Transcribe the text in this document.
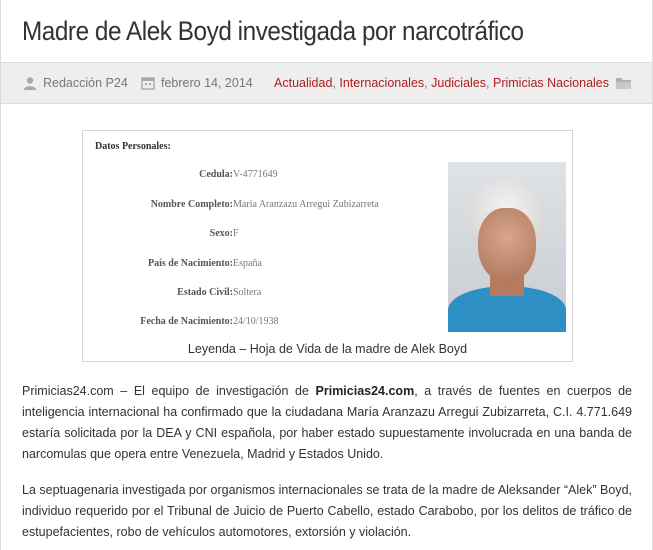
Madre de Alek Boyd investigada por narcotráfico
Redacción P24	febrero 14, 2014 Actualidad, Internacionales, Judiciales, Primicias Nacionales
Datos Personales:
Cedula: V-4771649
Nombre Completo: Maria Aranzazu Arregui Zubizarreta
Sexo: F
País de Nacimiento: España
Estado Civil: Soltera
Fecha de Nacimiento: 24/10/1938
Leyenda – Hoja de Vida de la madre de Alek Boyd

Primicias24.com – El equipo de investigación de Primicias24.com, a través de fuentes en cuerpos de inteligencia internacional ha confirmado que la ciudadana María Aranzazu Arregui Zubizarreta, C.I. 4.771.649 estaría solicitada por la DEA y CNI española, por haber estado supuestamente involucrada en una banda de narcomulas que opera entre Venezuela, Madrid y Estados Unido.

La septuagenaria investigada por organismos internacionales se trata de la madre de Aleksander “Alek” Boyd, individuo requerido por el Tribunal de Juicio de Puerto Cabello, estado Carabobo, por los delitos de tráfico de estupefacientes, robo de vehículos automotores, extorsión y violación.
